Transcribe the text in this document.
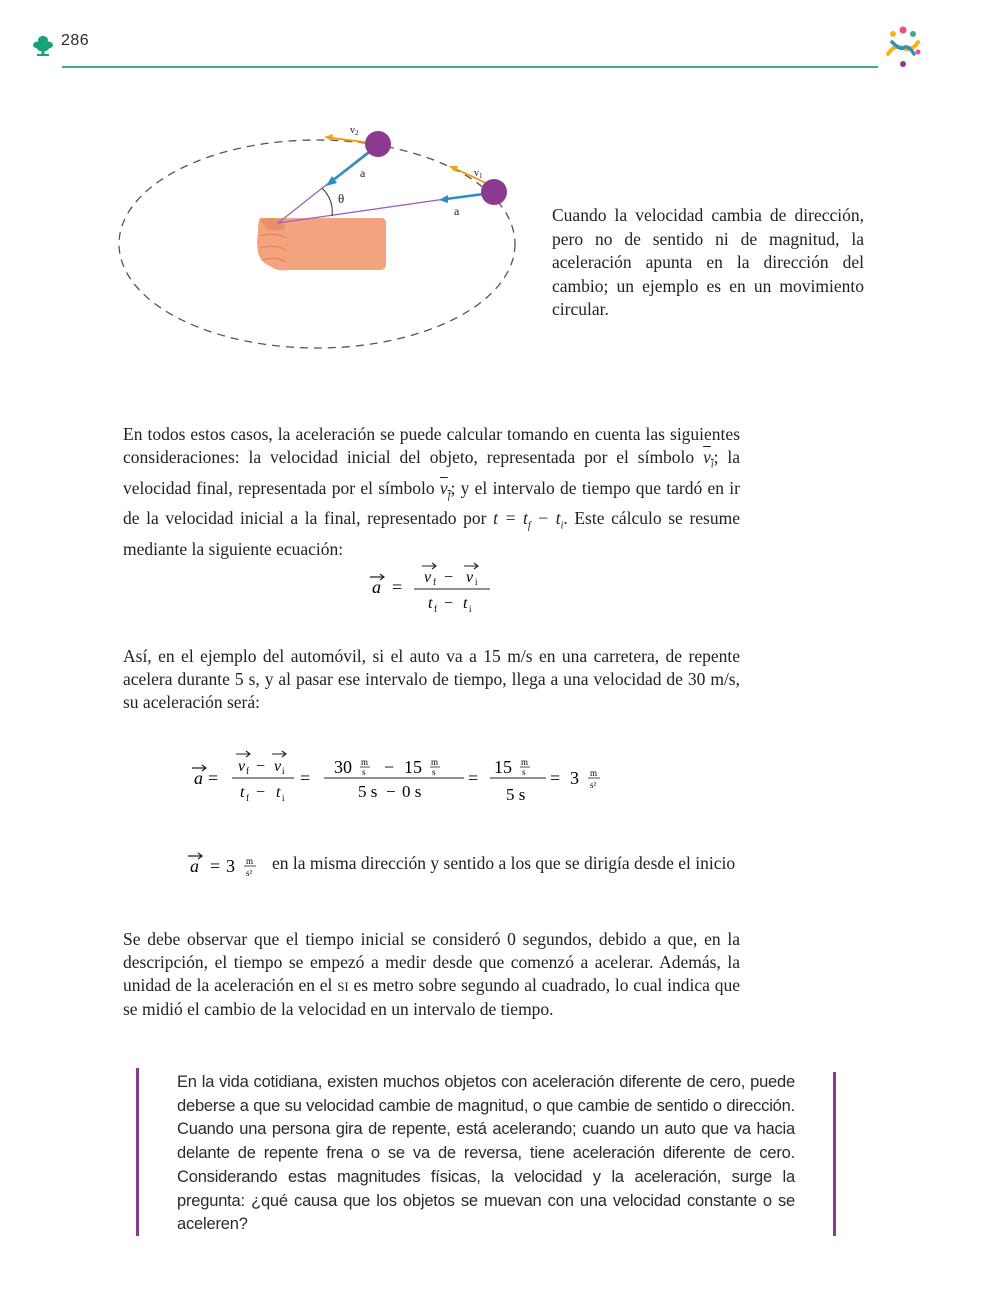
286
θ
a
a
$v_2$
$v_1$
Cuando la velocidad cambia de dirección, pero no de sentido ni de magnitud, la aceleración apunta en la dirección del cambio; un ejemplo es en un movimiento circular.
En todos estos casos, la aceleración se puede calcular tomando en cuenta las siguientes consideraciones: la velocidad inicial del objeto, representada por el símbolo $v_i$; la velocidad final, representada por el símbolo $v_f$; y el intervalo de tiempo que tardó en ir de la velocidad inicial a la final, representado por $t = t_f - t_i$. Este cálculo se resume mediante la siguiente ecuación:
a = v f − v i
t f − t i
Así, en el ejemplo del automóvil, si el auto va a 15 m/s en una carretera, de repente acelera durante 5 s, y al pasar ese intervalo de tiempo, llega a una velocidad de 30 m/s, su aceleración será:
a =
v f − v i
t f − t i
=
30 m
s − 15 m
s
5 s − 0 s
=
15 m
s
5 s
= 3 m
s²
a = 3 m
s² en la misma dirección y sentido a los que se dirigía desde el inicio
Se debe observar que el tiempo inicial se consideró 0 segundos, debido a que, en la descripción, el tiempo se empezó a medir desde que comenzó a acelerar. Además, la unidad de la aceleración en el SI es metro sobre segundo al cuadrado, lo cual indica que se midió el cambio de la velocidad en un intervalo de tiempo.
En la vida cotidiana, existen muchos objetos con aceleración diferente de cero, puede deberse a que su velocidad cambie de magnitud, o que cambie de sentido o dirección. Cuando una persona gira de repente, está acelerando; cuando un auto que va hacia delante de repente frena o se va de reversa, tiene aceleración diferente de cero. Considerando estas magnitudes físicas, la velocidad y la aceleración, surge la pregunta: ¿qué causa que los objetos se muevan con una velocidad constante o se aceleren?
